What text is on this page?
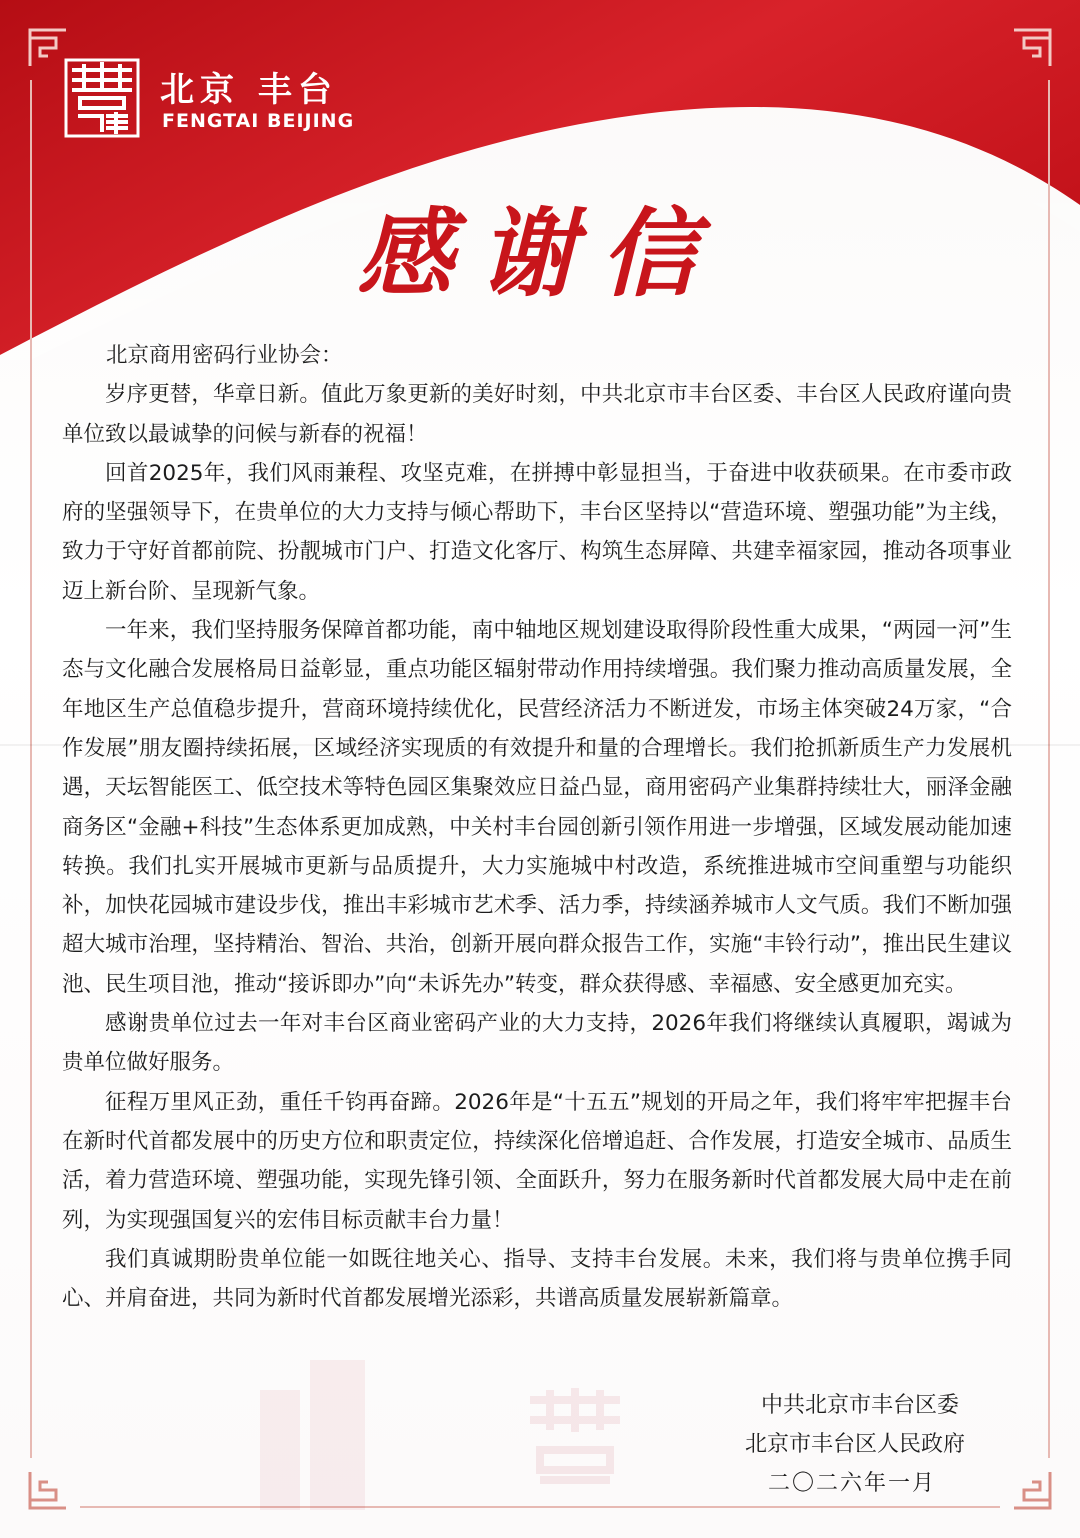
北京 丰台
FENGTAI BEIJING
感谢信

北京商用密码行业协会：

岁序更替，华章日新。值此万象更新的美好时刻，中共北京市丰台区委、丰台区人民政府谨向贵单位致以最诚挚的问候与新春的祝福！

回首2025年，我们风雨兼程、攻坚克难，在拼搏中彰显担当，于奋进中收获硕果。在市委市政府的坚强领导下，在贵单位的大力支持与倾心帮助下，丰台区坚持以“营造环境、塑强功能”为主线，致力于守好首都前院、扮靓城市门户、打造文化客厅、构筑生态屏障、共建幸福家园，推动各项事业迈上新台阶、呈现新气象。

一年来，我们坚持服务保障首都功能，南中轴地区规划建设取得阶段性重大成果，“两园一河”生态与文化融合发展格局日益彰显，重点功能区辐射带动作用持续增强。我们聚力推动高质量发展，全年地区生产总值稳步提升，营商环境持续优化，民营经济活力不断迸发，市场主体突破24万家，“合作发展”朋友圈持续拓展，区域经济实现质的有效提升和量的合理增长。我们抢抓新质生产力发展机遇，天坛智能医工、低空技术等特色园区集聚效应日益凸显，商用密码产业集群持续壮大，丽泽金融商务区“金融+科技”生态体系更加成熟，中关村丰台园创新引领作用进一步增强，区域发展动能加速转换。我们扎实开展城市更新与品质提升，大力实施城中村改造，系统推进城市空间重塑与功能织补，加快花园城市建设步伐，推出丰彩城市艺术季、活力季，持续涵养城市人文气质。我们不断加强超大城市治理，坚持精治、智治、共治，创新开展向群众报告工作，实施“丰铃行动”，推出民生建议池、民生项目池，推动“接诉即办”向“未诉先办”转变，群众获得感、幸福感、安全感更加充实。

感谢贵单位过去一年对丰台区商业密码产业的大力支持，2026年我们将继续认真履职，竭诚为贵单位做好服务。

征程万里风正劲，重任千钧再奋蹄。2026年是“十五五”规划的开局之年，我们将牢牢把握丰台在新时代首都发展中的历史方位和职责定位，持续深化倍增追赶、合作发展，打造安全城市、品质生活，着力营造环境、塑强功能，实现先锋引领、全面跃升，努力在服务新时代首都发展大局中走在前列，为实现强国复兴的宏伟目标贡献丰台力量！

我们真诚期盼贵单位能一如既往地关心、指导、支持丰台发展。未来，我们将与贵单位携手同心、并肩奋进，共同为新时代首都发展增光添彩，共谱高质量发展崭新篇章。

中共北京市丰台区委
北京市丰台区人民政府
二〇二六年一月
